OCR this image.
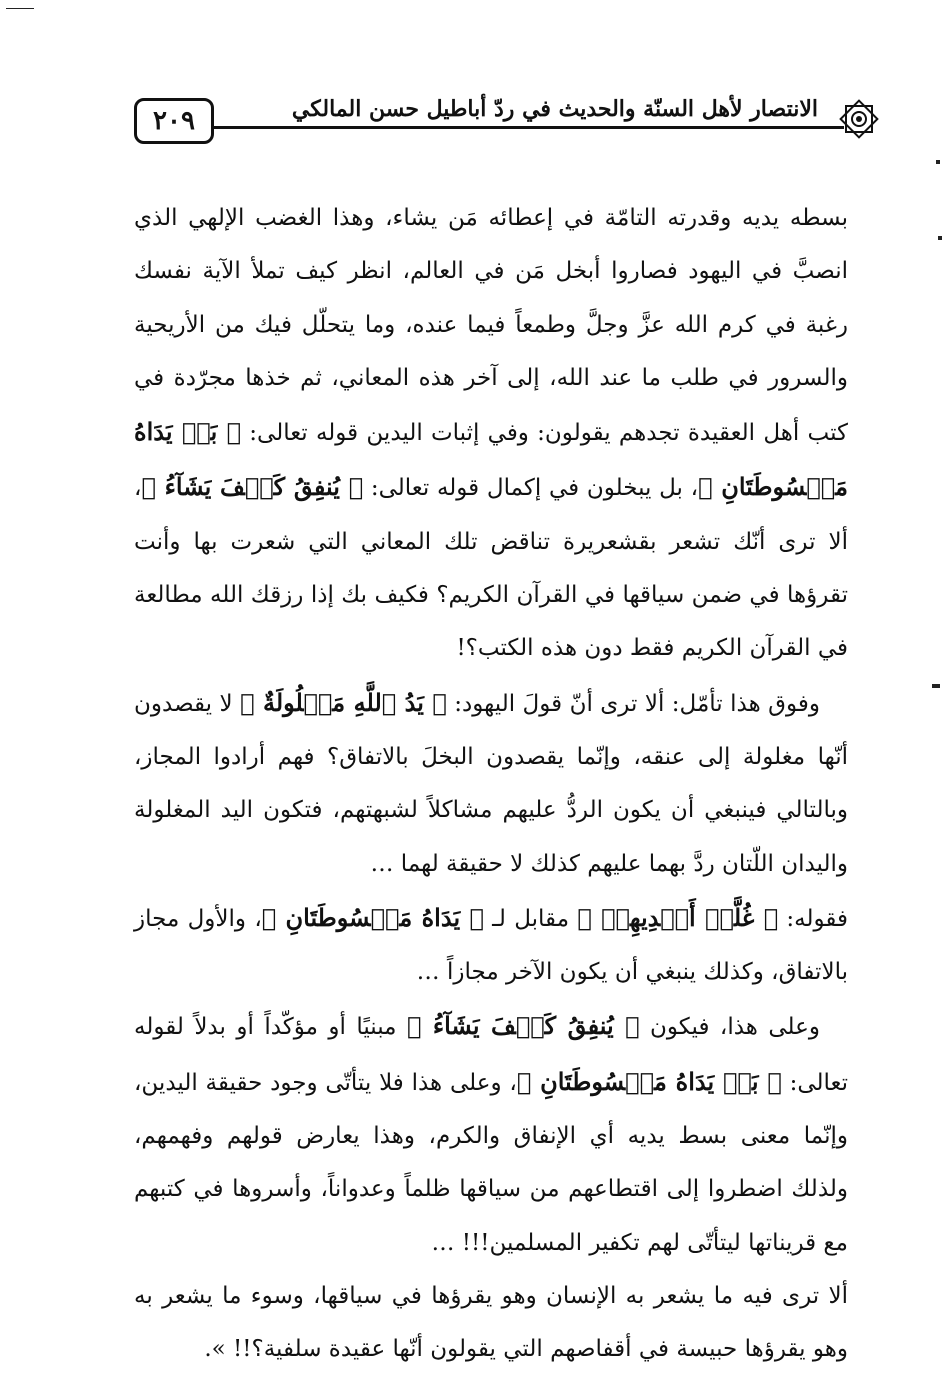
٢٠٩	الانتصار لأهل السنّة والحديث في ردّ أباطيل حسن المالكي

بسطه يديه وقدرته التامّة في إعطائه مَن يشاء، وهذا الغضب الإلهي الذي انصبَّ في اليهود فصاروا أبخل مَن في العالم، انظر كيف تملأ الآية نفسك رغبة في كرم الله عزَّ وجلَّ وطمعاً فيما عنده، وما يتحلّل فيك من الأريحية والسرور في طلب ما عند الله، إلى آخر هذه المعاني، ثم خذها مجرّدة في كتب أهل العقيدة تجدهم يقولون: وفي إثبات اليدين قوله تعالى: ﴿ بَلۡ يَدَاهُ مَبۡسُوطَتَانِ ﴾، بل يبخلون في إكمال قوله تعالى: ﴿ يُنفِقُ كَيۡفَ يَشَآءُ ﴾، ألا ترى أنّك تشعر بقشعريرة تناقض تلك المعاني التي شعرت بها وأنت تقرؤها في ضمن سياقها في القرآن الكريم؟ فكيف بك إذا رزقك الله مطالعة في القرآن الكريم فقط دون هذه الكتب؟!

وفوق هذا تأمّل: ألا ترى أنّ قولَ اليهود: ﴿ يَدُ ٱللَّهِ مَغۡلُولَةٌ ﴾ لا يقصدون أنّها مغلولة إلى عنقه، وإنّما يقصدون البخلَ بالاتفاق؟ فهم أرادوا المجاز، وبالتالي فينبغي أن يكون الردُّ عليهم مشاكلاً لشبهتهم، فتكون اليد المغلولة واليدان اللّتان ردَّ بهما عليهم كذلك لا حقيقة لهما …

فقوله: ﴿ غُلَّتۡ أَيۡدِيهِمۡ ﴾ مقابل لـ ﴿ يَدَاهُ مَبۡسُوطَتَانِ ﴾، والأول مجاز بالاتفاق، وكذلك ينبغي أن يكون الآخر مجازاً …

وعلى هذا، فيكون ﴿ يُنفِقُ كَيۡفَ يَشَآءُ ﴾ مبنيًا أو مؤكّداً أو بدلاً لقوله تعالى: ﴿ بَلۡ يَدَاهُ مَبۡسُوطَتَانِ ﴾، وعلى هذا فلا يتأتّى وجود حقيقة اليدين، وإنّما معنى بسط يديه أي الإنفاق والكرم، وهذا يعارض قولهم وفهمهم، ولذلك اضطروا إلى اقتطاعهم من سياقها ظلماً وعدواناً، وأسروها في كتبهم مع قريناتها ليتأتّى لهم تكفير المسلمين!!! …

ألا ترى فيه ما يشعر به الإنسان وهو يقرؤها في سياقها، وسوء ما يشعر به وهو يقرؤها حبيسة في أقفاصهم التي يقولون أنّها عقيدة سلفية؟!! ».
